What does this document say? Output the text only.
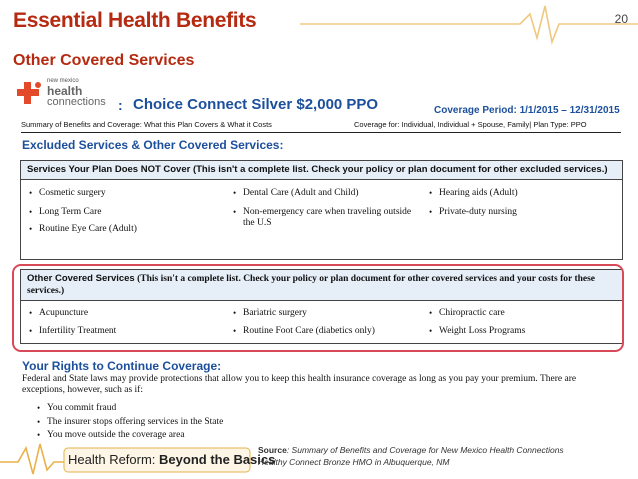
Essential Health Benefits	20
Other Covered Services
new mexico
health
connections : Choice Connect Silver $2,000 PPO	Coverage Period: 1/1/2015 – 12/31/2015
Summary of Benefits and Coverage: What this Plan Covers & What it Costs	Coverage for: Individual, Individual + Spouse, Family| Plan Type: PPO
Excluded Services & Other Covered Services:
Services Your Plan Does NOT Cover (This isn't a complete list. Check your policy or plan document for other excluded services.)
• Cosmetic surgery
• Long Term Care
• Routine Eye Care (Adult)
• Dental Care (Adult and Child)
• Non-emergency care when traveling outside the U.S
• Hearing aids (Adult)
• Private-duty nursing
Other Covered Services (This isn't a complete list. Check your policy or plan document for other covered services and your costs for these services.)
• Acupuncture
• Infertility Treatment
• Bariatric surgery
• Routine Foot Care (diabetics only)
• Chiropractic care
• Weight Loss Programs
Your Rights to Continue Coverage:
Federal and State laws may provide protections that allow you to keep this health insurance coverage as long as you pay your premium. There are exceptions, however, such as if:
• You commit fraud
• The insurer stops offering services in the State
• You move outside the coverage area
Health Reform: Beyond the Basics
Source: Summary of Benefits and Coverage for New Mexico Health Connections
Healthy Connect Bronze HMO in Albuquerque, NM
